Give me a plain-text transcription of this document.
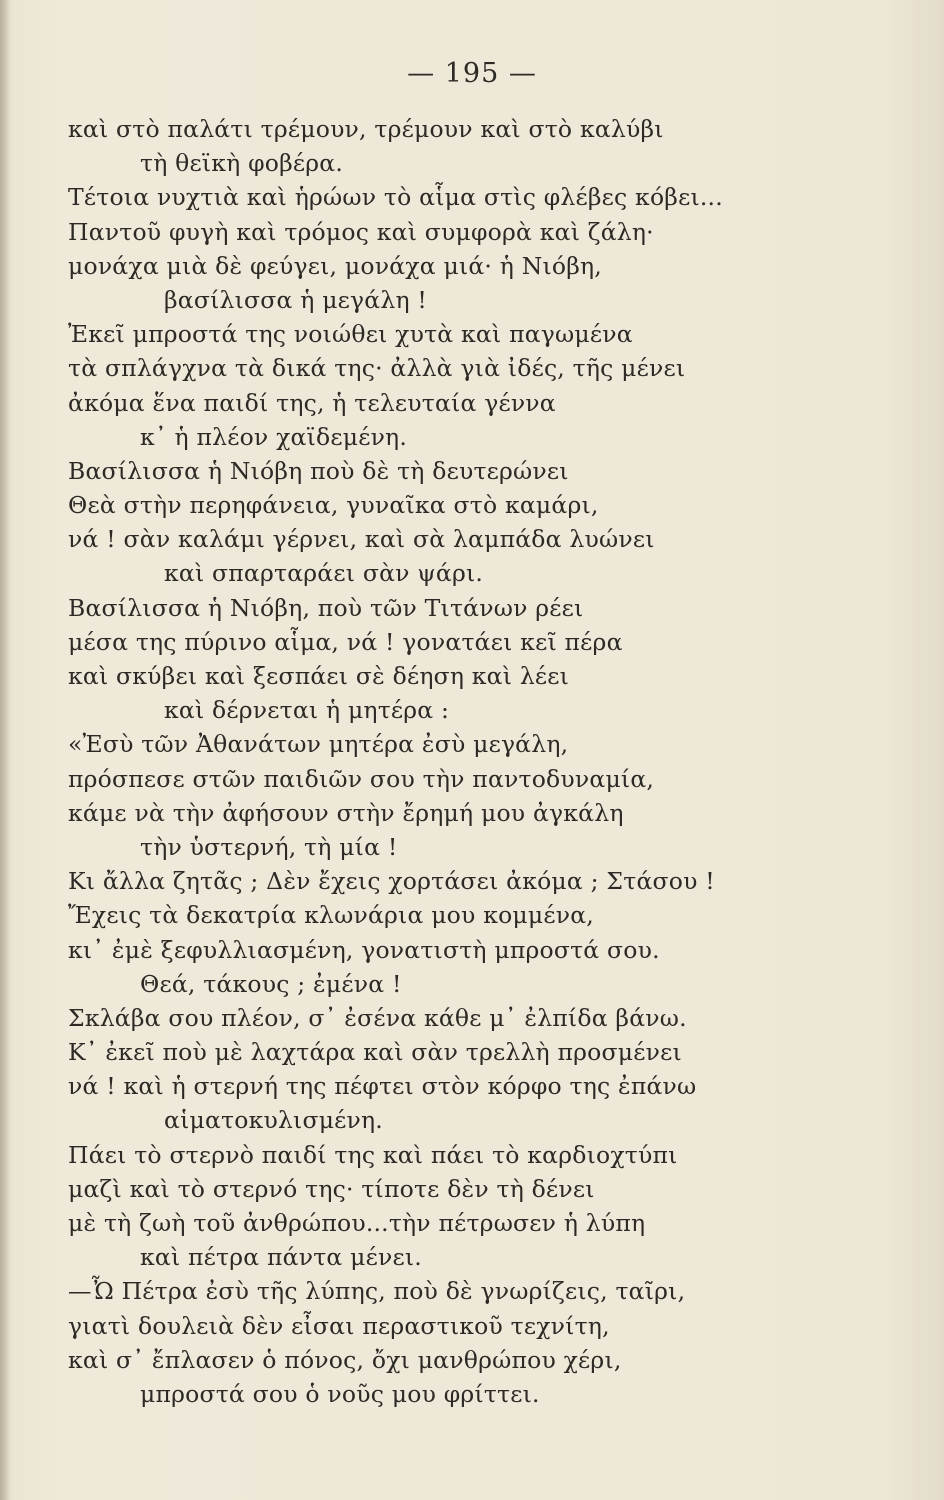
— 195 —
καὶ στὸ παλάτι τρέμουν, τρέμουν καὶ στὸ καλύβι
τὴ θεϊκὴ φοβέρα.
Τέτοια νυχτιὰ καὶ ἡρώων τὸ αἷμα στὶς φλέβες κόβει...
Παντοῦ φυγὴ καὶ τρόμος καὶ συμφορὰ καὶ ζάλη·
μονάχα μιὰ δὲ φεύγει, μονάχα μιά· ἡ Νιόβη,
βασίλισσα ἡ μεγάλη !
Ἐκεῖ μπροστά της νοιώθει χυτὰ καὶ παγωμένα
τὰ σπλάγχνα τὰ δικά της· ἀλλὰ γιὰ ἰδές, τῆς μένει
ἀκόμα ἕνα παιδί της, ἡ τελευταία γέννα
κ᾽ ἡ πλέον χαϊδεμένη.
Βασίλισσα ἡ Νιόβη ποὺ δὲ τὴ δευτερώνει
Θεὰ στὴν περηφάνεια, γυναῖκα στὸ καμάρι,
νά ! σὰν καλάμι γέρνει, καὶ σὰ λαμπάδα λυώνει
καὶ σπαρταράει σὰν ψάρι.
Βασίλισσα ἡ Νιόβη, ποὺ τῶν Τιτάνων ρέει
μέσα της πύρινο αἷμα, νά ! γονατάει κεῖ πέρα
καὶ σκύβει καὶ ξεσπάει σὲ δέηση καὶ λέει
καὶ δέρνεται ἡ μητέρα :
«Ἐσὺ τῶν Ἀθανάτων μητέρα ἐσὺ μεγάλη,
πρόσπεσε στῶν παιδιῶν σου τὴν παντοδυναμία,
κάμε νὰ τὴν ἀφήσουν στὴν ἔρημή μου ἀγκάλη
τὴν ὑστερνή, τὴ μία !
Κι ἄλλα ζητᾶς ; Δὲν ἔχεις χορτάσει ἀκόμα ; Στάσου !
Ἔχεις τὰ δεκατρία κλωνάρια μου κομμένα,
κι᾽ ἐμὲ ξεφυλλιασμένη, γονατιστὴ μπροστά σου.
Θεά, τάκους ; ἐμένα !
Σκλάβα σου πλέον, σ᾽ ἐσένα κάθε μ᾽ ἐλπίδα βάνω.
Κ᾽ ἐκεῖ ποὺ μὲ λαχτάρα καὶ σὰν τρελλὴ προσμένει
νά ! καὶ ἡ στερνή της πέφτει στὸν κόρφο της ἐπάνω
αἱματοκυλισμένη.
Πάει τὸ στερνὸ παιδί της καὶ πάει τὸ καρδιοχτύπι
μαζὶ καὶ τὸ στερνό της· τίποτε δὲν τὴ δένει
μὲ τὴ ζωὴ τοῦ ἀνθρώπου...τὴν πέτρωσεν ἡ λύπη
καὶ πέτρα πάντα μένει.
—Ὦ Πέτρα ἐσὺ τῆς λύπης, ποὺ δὲ γνωρίζεις, ταῖρι,
γιατὶ δουλειὰ δὲν εἶσαι περαστικοῦ τεχνίτη,
καὶ σ᾽ ἔπλασεν ὁ πόνος, ὄχι μανθρώπου χέρι,
μπροστά σου ὁ νοῦς μου φρίττει.
